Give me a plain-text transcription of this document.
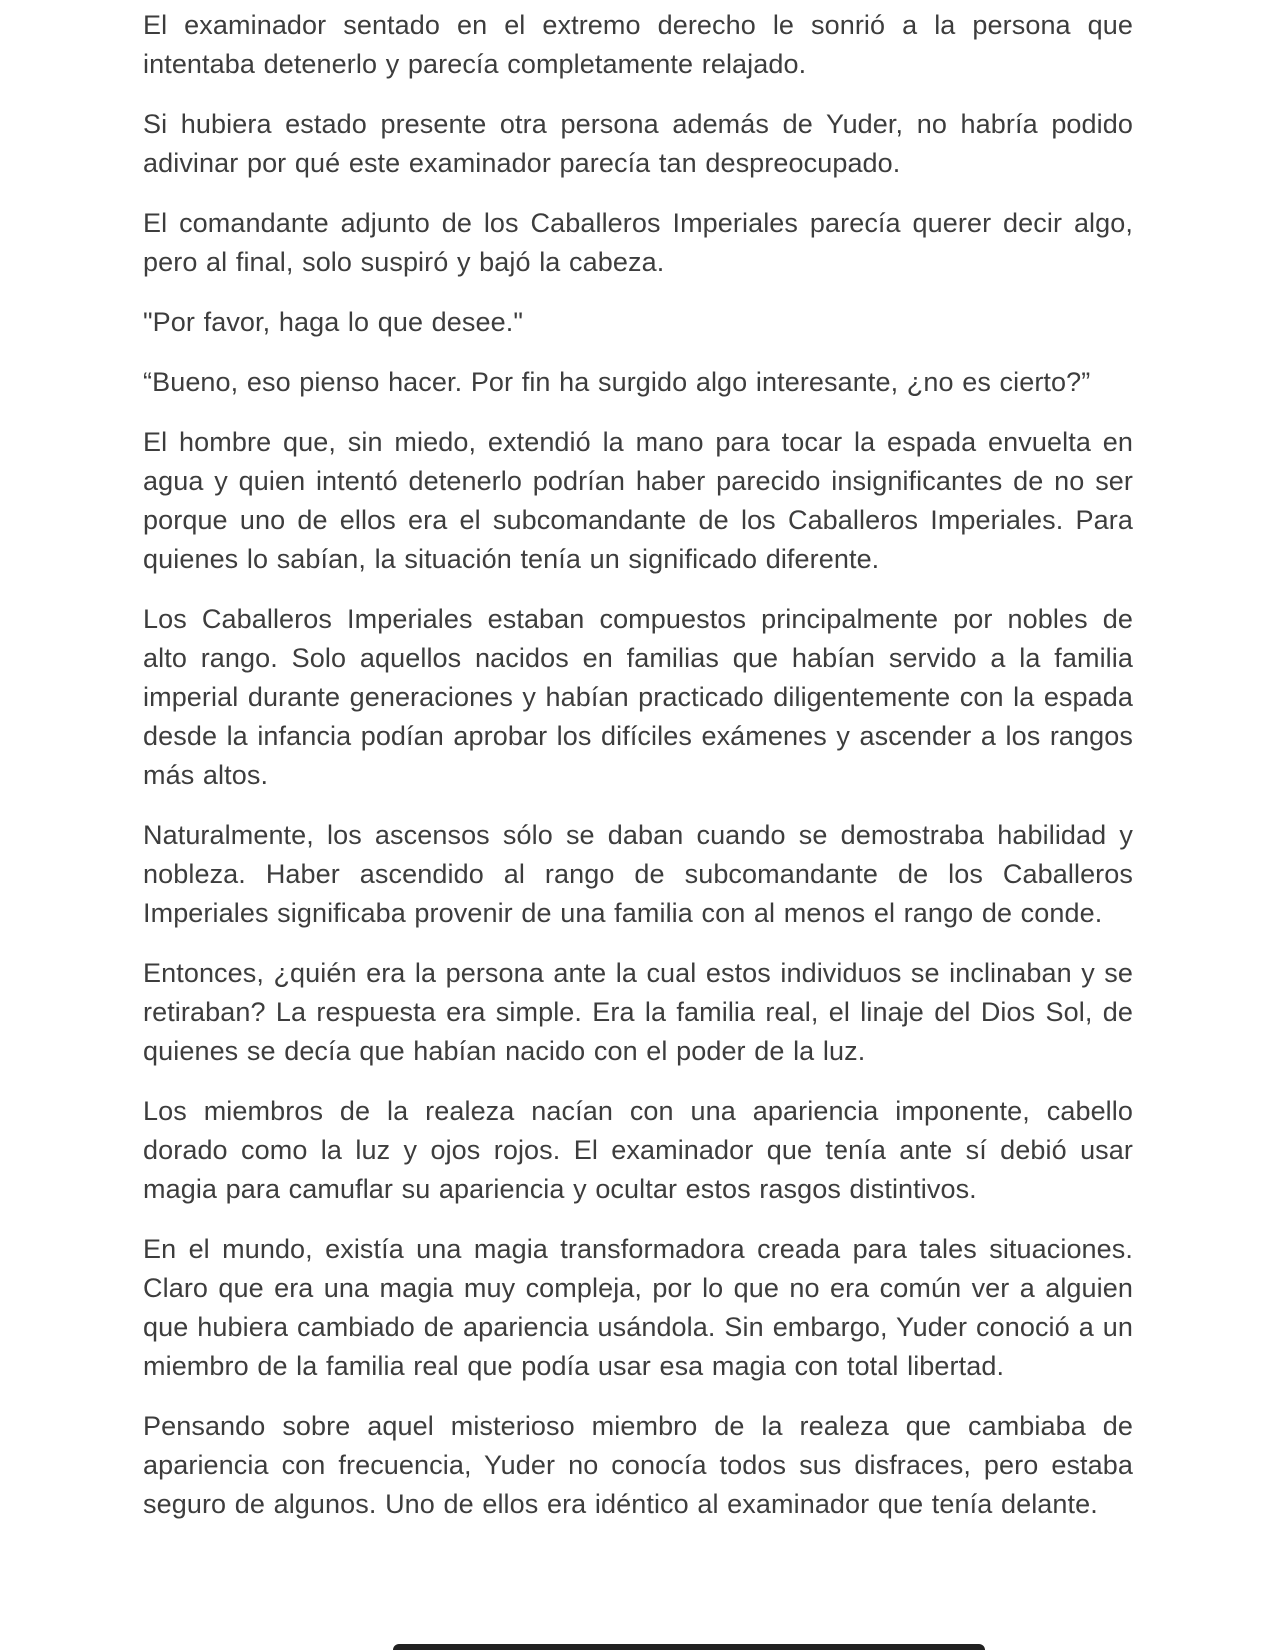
El examinador sentado en el extremo derecho le sonrió a la persona que intentaba detenerlo y parecía completamente relajado.

Si hubiera estado presente otra persona además de Yuder, no habría podido adivinar por qué este examinador parecía tan despreocupado.

El comandante adjunto de los Caballeros Imperiales parecía querer decir algo, pero al final, solo suspiró y bajó la cabeza.

"Por favor, haga lo que desee."

“Bueno, eso pienso hacer. Por fin ha surgido algo interesante, ¿no es cierto?”

El hombre que, sin miedo, extendió la mano para tocar la espada envuelta en agua y quien intentó detenerlo podrían haber parecido insignificantes de no ser porque uno de ellos era el subcomandante de los Caballeros Imperiales. Para quienes lo sabían, la situación tenía un significado diferente.

Los Caballeros Imperiales estaban compuestos principalmente por nobles de alto rango. Solo aquellos nacidos en familias que habían servido a la familia imperial durante generaciones y habían practicado diligentemente con la espada desde la infancia podían aprobar los difíciles exámenes y ascender a los rangos más altos.

Naturalmente, los ascensos sólo se daban cuando se demostraba habilidad y nobleza. Haber ascendido al rango de subcomandante de los Caballeros Imperiales significaba provenir de una familia con al menos el rango de conde.

Entonces, ¿quién era la persona ante la cual estos individuos se inclinaban y se retiraban? La respuesta era simple. Era la familia real, el linaje del Dios Sol, de quienes se decía que habían nacido con el poder de la luz.

Los miembros de la realeza nacían con una apariencia imponente, cabello dorado como la luz y ojos rojos. El examinador que tenía ante sí debió usar magia para camuflar su apariencia y ocultar estos rasgos distintivos.

En el mundo, existía una magia transformadora creada para tales situaciones. Claro que era una magia muy compleja, por lo que no era común ver a alguien que hubiera cambiado de apariencia usándola. Sin embargo, Yuder conoció a un miembro de la familia real que podía usar esa magia con total libertad.

Pensando sobre aquel misterioso miembro de la realeza que cambiaba de apariencia con frecuencia, Yuder no conocía todos sus disfraces, pero estaba seguro de algunos. Uno de ellos era idéntico al examinador que tenía delante.
